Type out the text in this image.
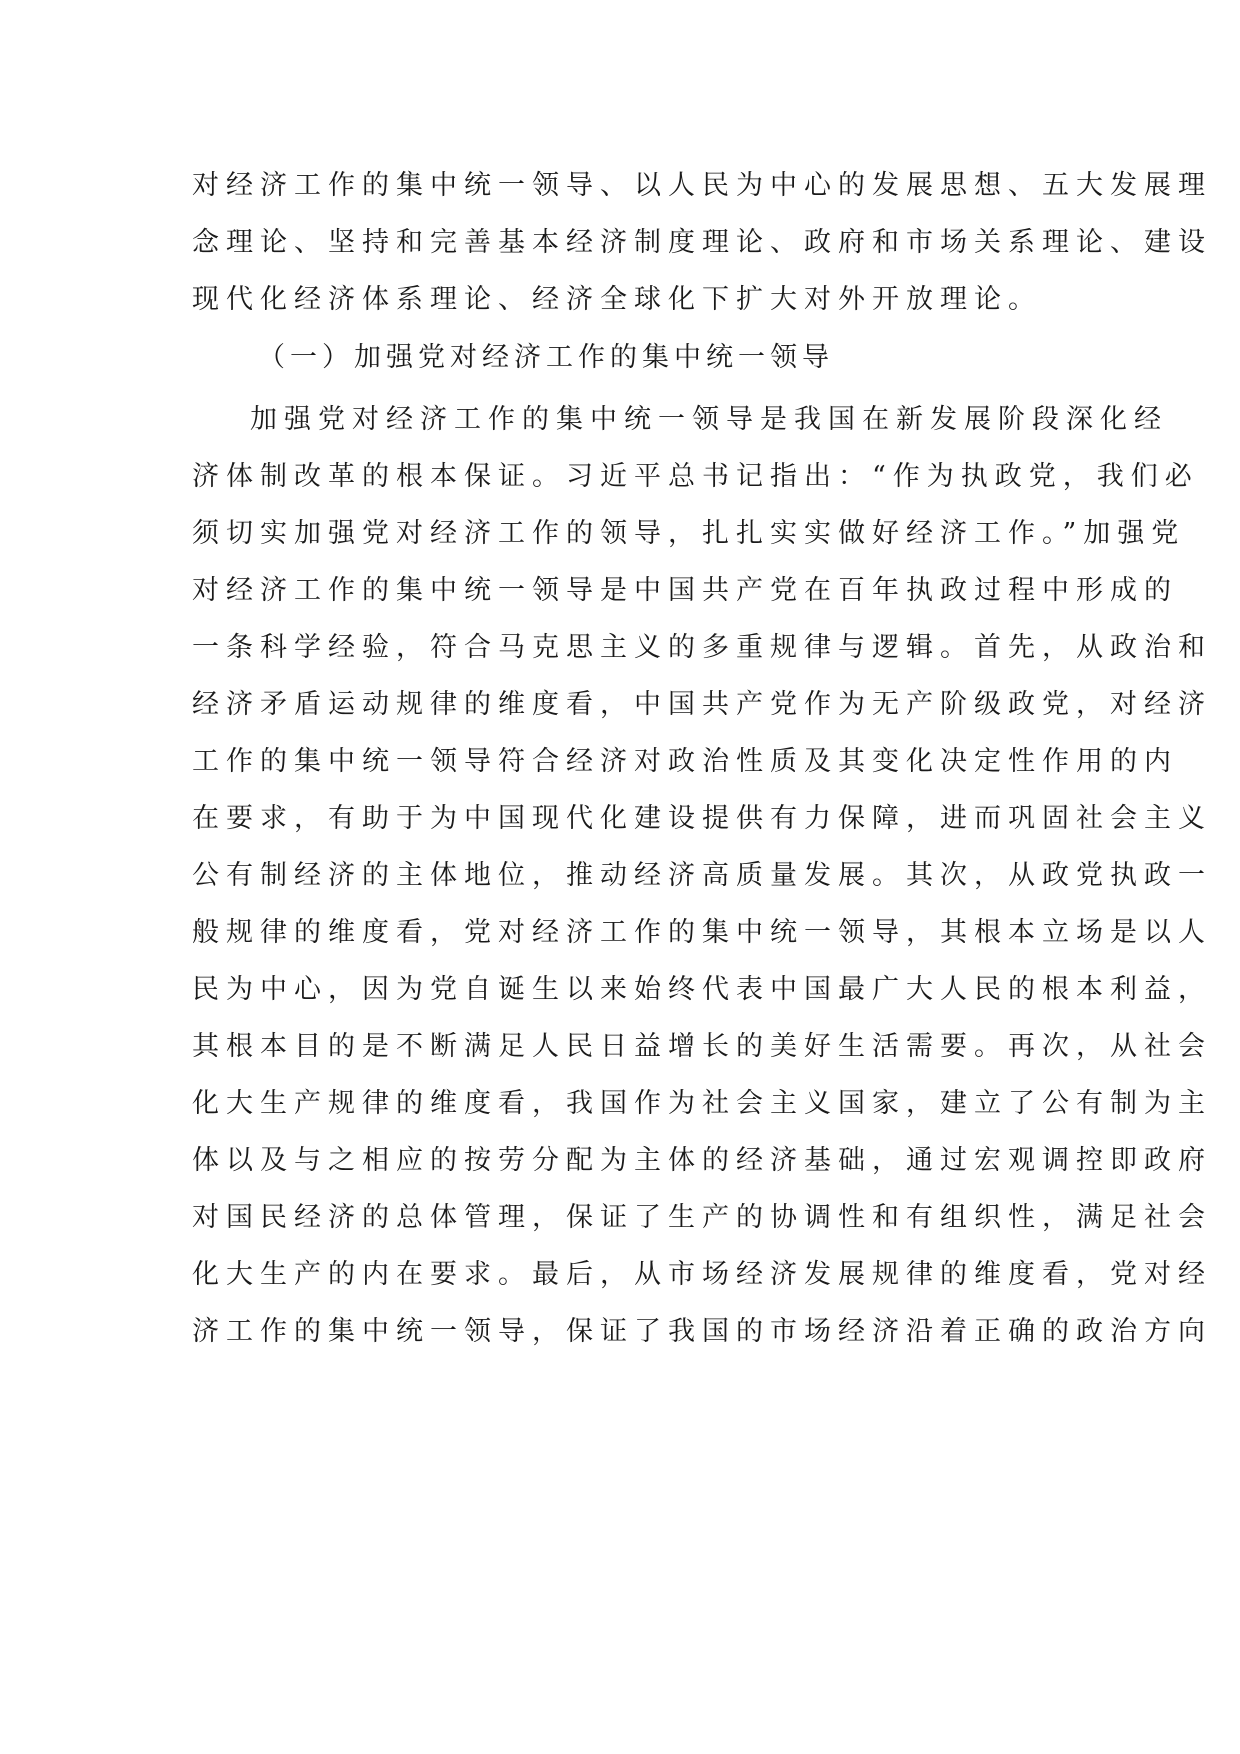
对经济工作的集中统一领导、以人民为中心的发展思想、五大发展理
念理论、坚持和完善基本经济制度理论、政府和市场关系理论、建设
现代化经济体系理论、经济全球化下扩大对外开放理论。
（一）加强党对经济工作的集中统一领导
加强党对经济工作的集中统一领导是我国在新发展阶段深化经
济体制改革的根本保证。习近平总书记指出：“作为执政党，我们必
须切实加强党对经济工作的领导，扎扎实实做好经济工作。”加强党
对经济工作的集中统一领导是中国共产党在百年执政过程中形成的
一条科学经验，符合马克思主义的多重规律与逻辑。首先，从政治和
经济矛盾运动规律的维度看，中国共产党作为无产阶级政党，对经济
工作的集中统一领导符合经济对政治性质及其变化决定性作用的内
在要求，有助于为中国现代化建设提供有力保障，进而巩固社会主义
公有制经济的主体地位，推动经济高质量发展。其次，从政党执政一
般规律的维度看，党对经济工作的集中统一领导，其根本立场是以人
民为中心，因为党自诞生以来始终代表中国最广大人民的根本利益，
其根本目的是不断满足人民日益增长的美好生活需要。再次，从社会
化大生产规律的维度看，我国作为社会主义国家，建立了公有制为主
体以及与之相应的按劳分配为主体的经济基础，通过宏观调控即政府
对国民经济的总体管理，保证了生产的协调性和有组织性，满足社会
化大生产的内在要求。最后，从市场经济发展规律的维度看，党对经
济工作的集中统一领导，保证了我国的市场经济沿着正确的政治方向
